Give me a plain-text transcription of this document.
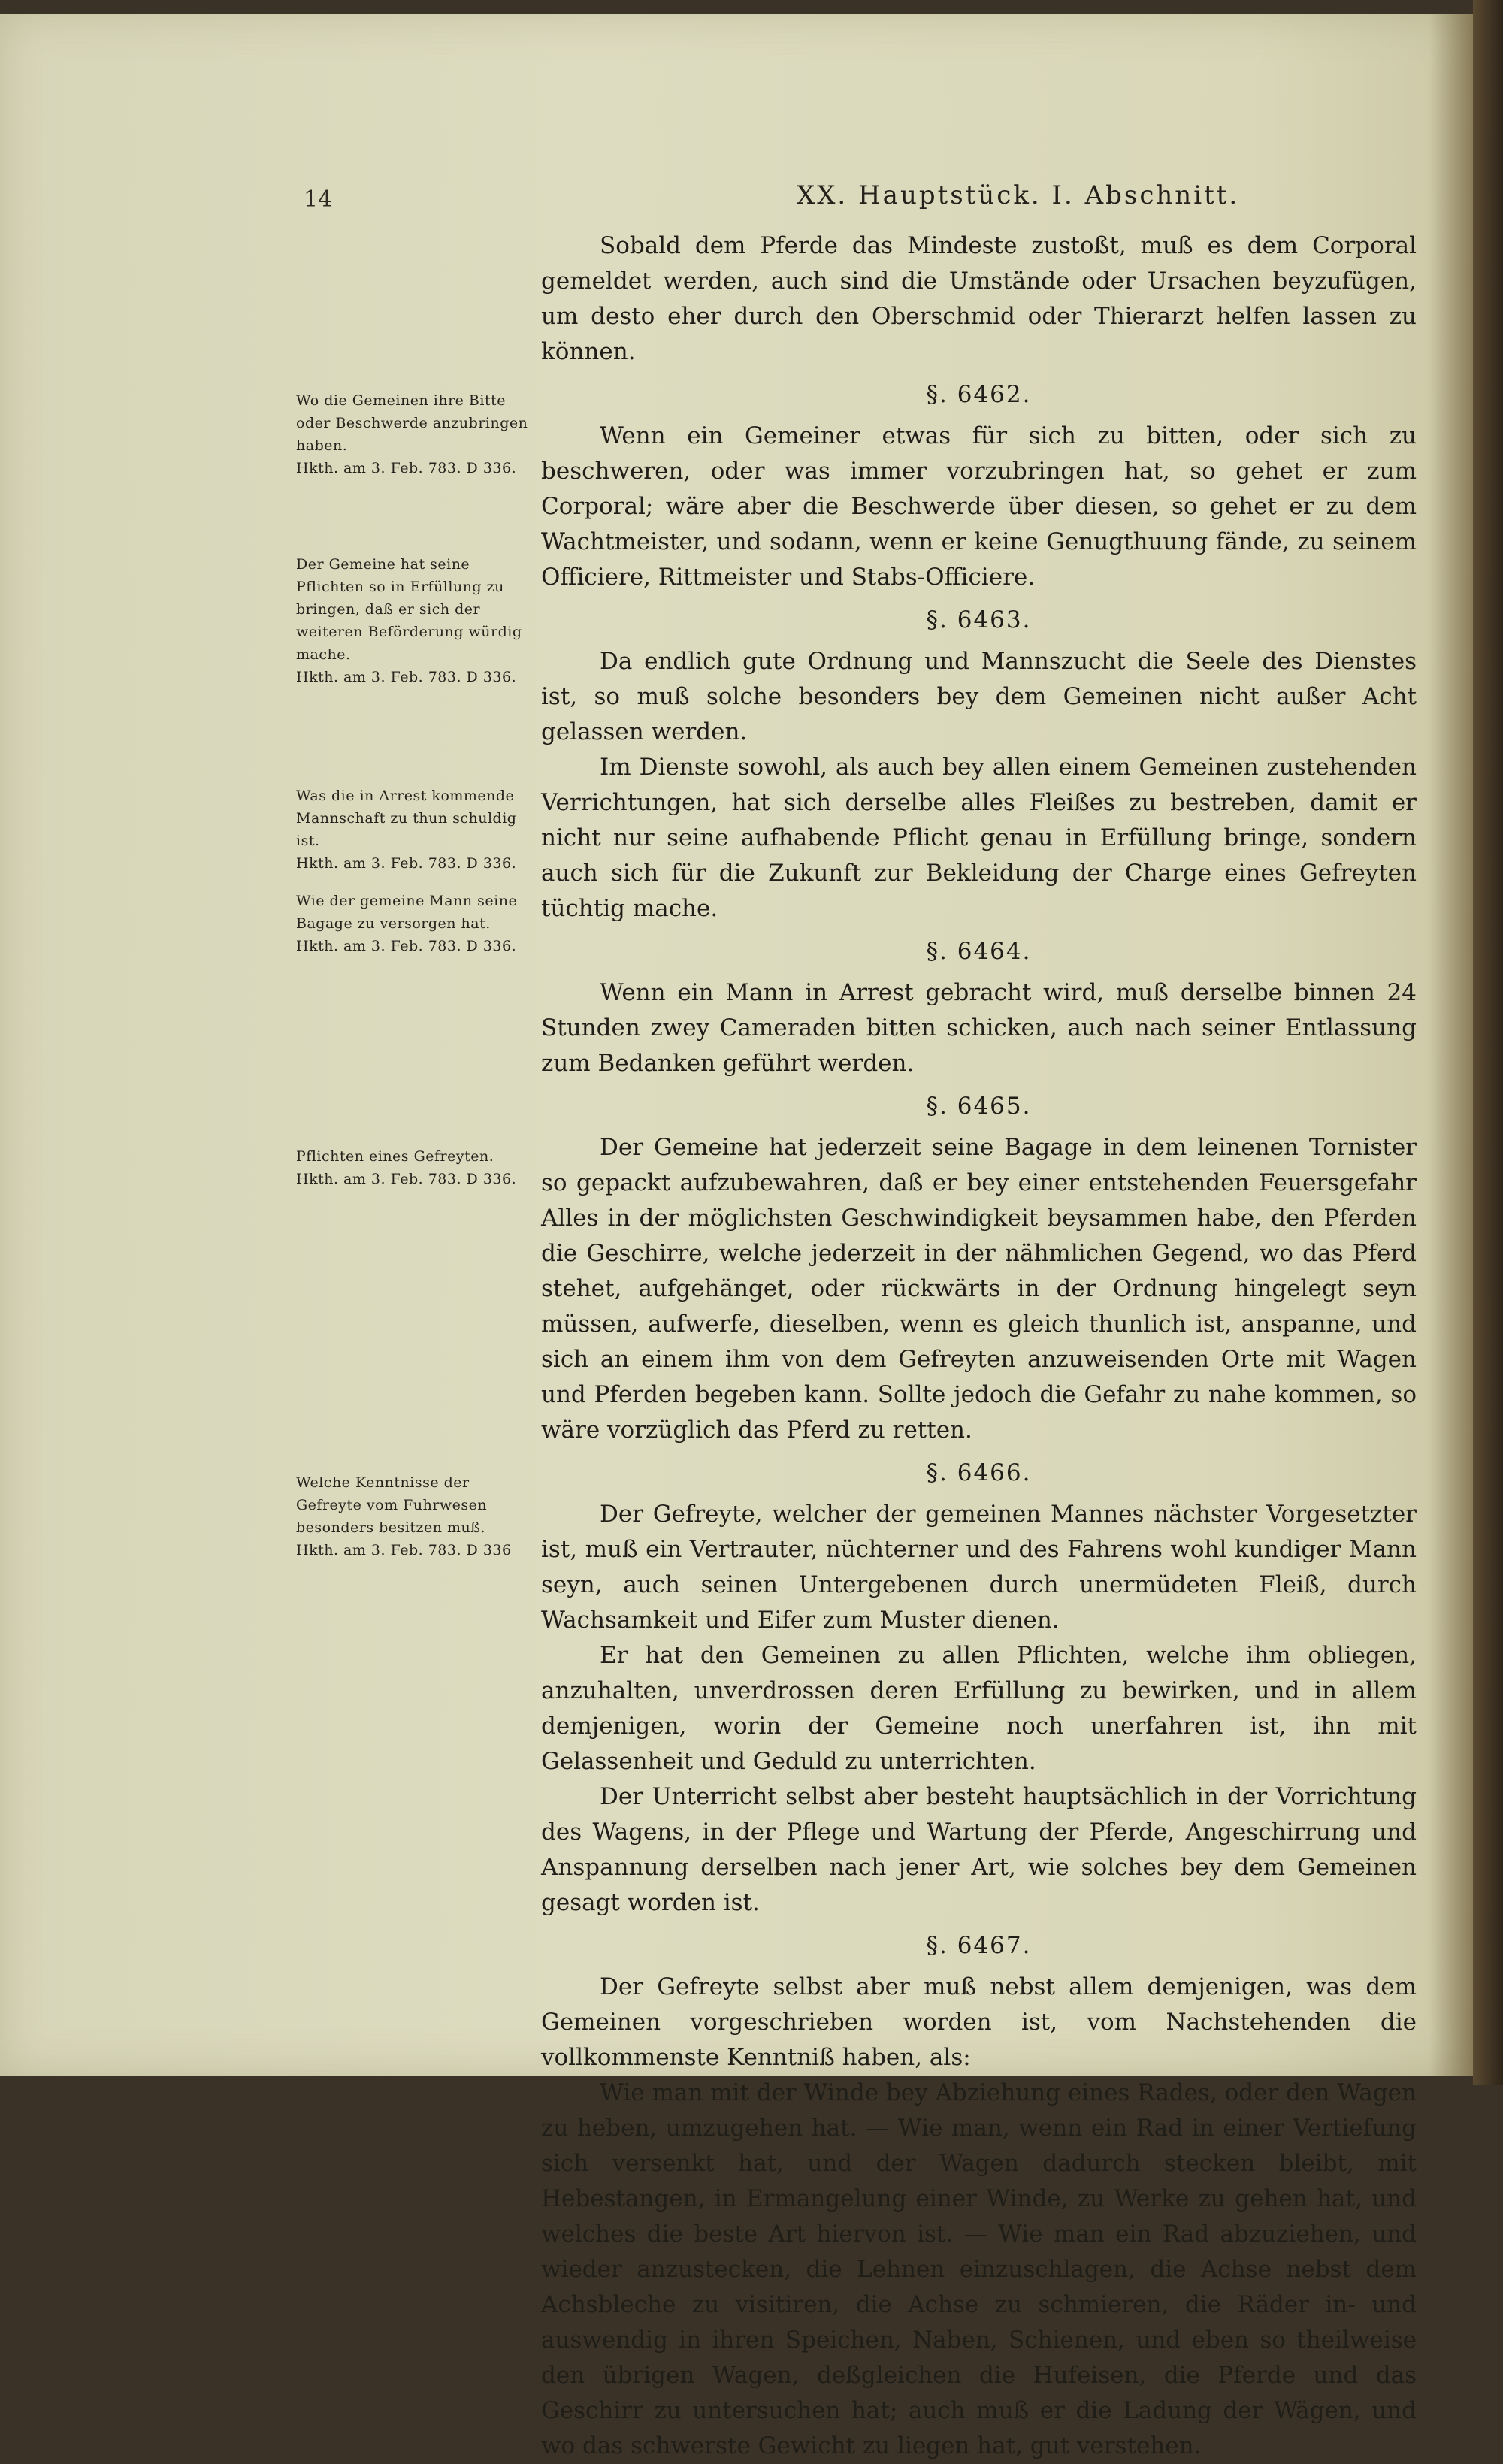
14	XX. Hauptstück. I. Abschnitt.
Wo die Gemeinen ihre Bitte oder Beschwerde anzubringen haben.
Hkth. am 3. Feb. 783. D 336.
Der Gemeine hat seine Pflichten so in Erfüllung zu bringen, daß er sich der weiteren Beförderung würdig mache.
Hkth. am 3. Feb. 783. D 336.
Was die in Arrest kommende Mannschaft zu thun schuldig ist.
Hkth. am 3. Feb. 783. D 336.
Wie der gemeine Mann seine Bagage zu versorgen hat.
Hkth. am 3. Feb. 783. D 336.
Pflichten eines Gefreyten.
Hkth. am 3. Feb. 783. D 336.
Welche Kenntnisse der Gefreyte vom Fuhrwesen besonders besitzen muß.
Hkth. am 3. Feb. 783. D 336

Sobald dem Pferde das Mindeste zustoßt, muß es dem Corporal gemeldet werden, auch sind die Umstände oder Ursachen beyzufügen, um desto eher durch den Oberschmid oder Thierarzt helfen lassen zu können.

§. 6462.

Wenn ein Gemeiner etwas für sich zu bitten, oder sich zu beschweren, oder was immer vorzubringen hat, so gehet er zum Corporal; wäre aber die Beschwerde über diesen, so gehet er zu dem Wachtmeister, und sodann, wenn er keine Genugthuung fände, zu seinem Officiere, Rittmeister und Stabs-Officiere.

§. 6463.

Da endlich gute Ordnung und Mannszucht die Seele des Dienstes ist, so muß solche besonders bey dem Gemeinen nicht außer Acht gelassen werden.

Im Dienste sowohl, als auch bey allen einem Gemeinen zustehenden Verrichtungen, hat sich derselbe alles Fleißes zu bestreben, damit er nicht nur seine aufhabende Pflicht genau in Erfüllung bringe, sondern auch sich für die Zukunft zur Bekleidung der Charge eines Gefreyten tüchtig mache.

§. 6464.

Wenn ein Mann in Arrest gebracht wird, muß derselbe binnen 24 Stunden zwey Cameraden bitten schicken, auch nach seiner Entlassung zum Bedanken geführt werden.

§. 6465.

Der Gemeine hat jederzeit seine Bagage in dem leinenen Tornister so gepackt aufzubewahren, daß er bey einer entstehenden Feuersgefahr Alles in der möglichsten Geschwindigkeit beysammen habe, den Pferden die Geschirre, welche jederzeit in der nähmlichen Gegend, wo das Pferd stehet, aufgehänget, oder rückwärts in der Ordnung hingelegt seyn müssen, aufwerfe, dieselben, wenn es gleich thunlich ist, anspanne, und sich an einem ihm von dem Gefreyten anzuweisenden Orte mit Wagen und Pferden begeben kann. Sollte jedoch die Gefahr zu nahe kommen, so wäre vorzüglich das Pferd zu retten.

§. 6466.

Der Gefreyte, welcher der gemeinen Mannes nächster Vorgesetzter ist, muß ein Vertrauter, nüchterner und des Fahrens wohl kundiger Mann seyn, auch seinen Untergebenen durch unermüdeten Fleiß, durch Wachsamkeit und Eifer zum Muster dienen.

Er hat den Gemeinen zu allen Pflichten, welche ihm obliegen, anzuhalten, unverdrossen deren Erfüllung zu bewirken, und in allem demjenigen, worin der Gemeine noch unerfahren ist, ihn mit Gelassenheit und Geduld zu unterrichten.

Der Unterricht selbst aber besteht hauptsächlich in der Vorrichtung des Wagens, in der Pflege und Wartung der Pferde, Angeschirrung und Anspannung derselben nach jener Art, wie solches bey dem Gemeinen gesagt worden ist.

§. 6467.

Der Gefreyte selbst aber muß nebst allem demjenigen, was dem Gemeinen vorgeschrieben worden ist, vom Nachstehenden die vollkommenste Kenntniß haben, als:

Wie man mit der Winde bey Abziehung eines Rades, oder den Wagen zu heben, umzugehen hat. — Wie man, wenn ein Rad in einer Vertiefung sich versenkt hat, und der Wagen dadurch stecken bleibt, mit Hebestangen, in Ermangelung einer Winde, zu Werke zu gehen hat, und welches die beste Art hiervon ist. — Wie man ein Rad abzuziehen, und wieder anzustecken, die Lehnen einzuschlagen, die Achse nebst dem Achsbleche zu visitiren, die Achse zu schmieren, die Räder in- und auswendig in ihren Speichen, Naben, Schienen, und eben so theilweise den übrigen Wagen, deßgleichen die Hufeisen, die Pferde und das Geschirr zu untersuchen hat; auch muß er die Ladung der Wägen, und wo das schwerste Gewicht zu liegen hat, gut verstehen.
